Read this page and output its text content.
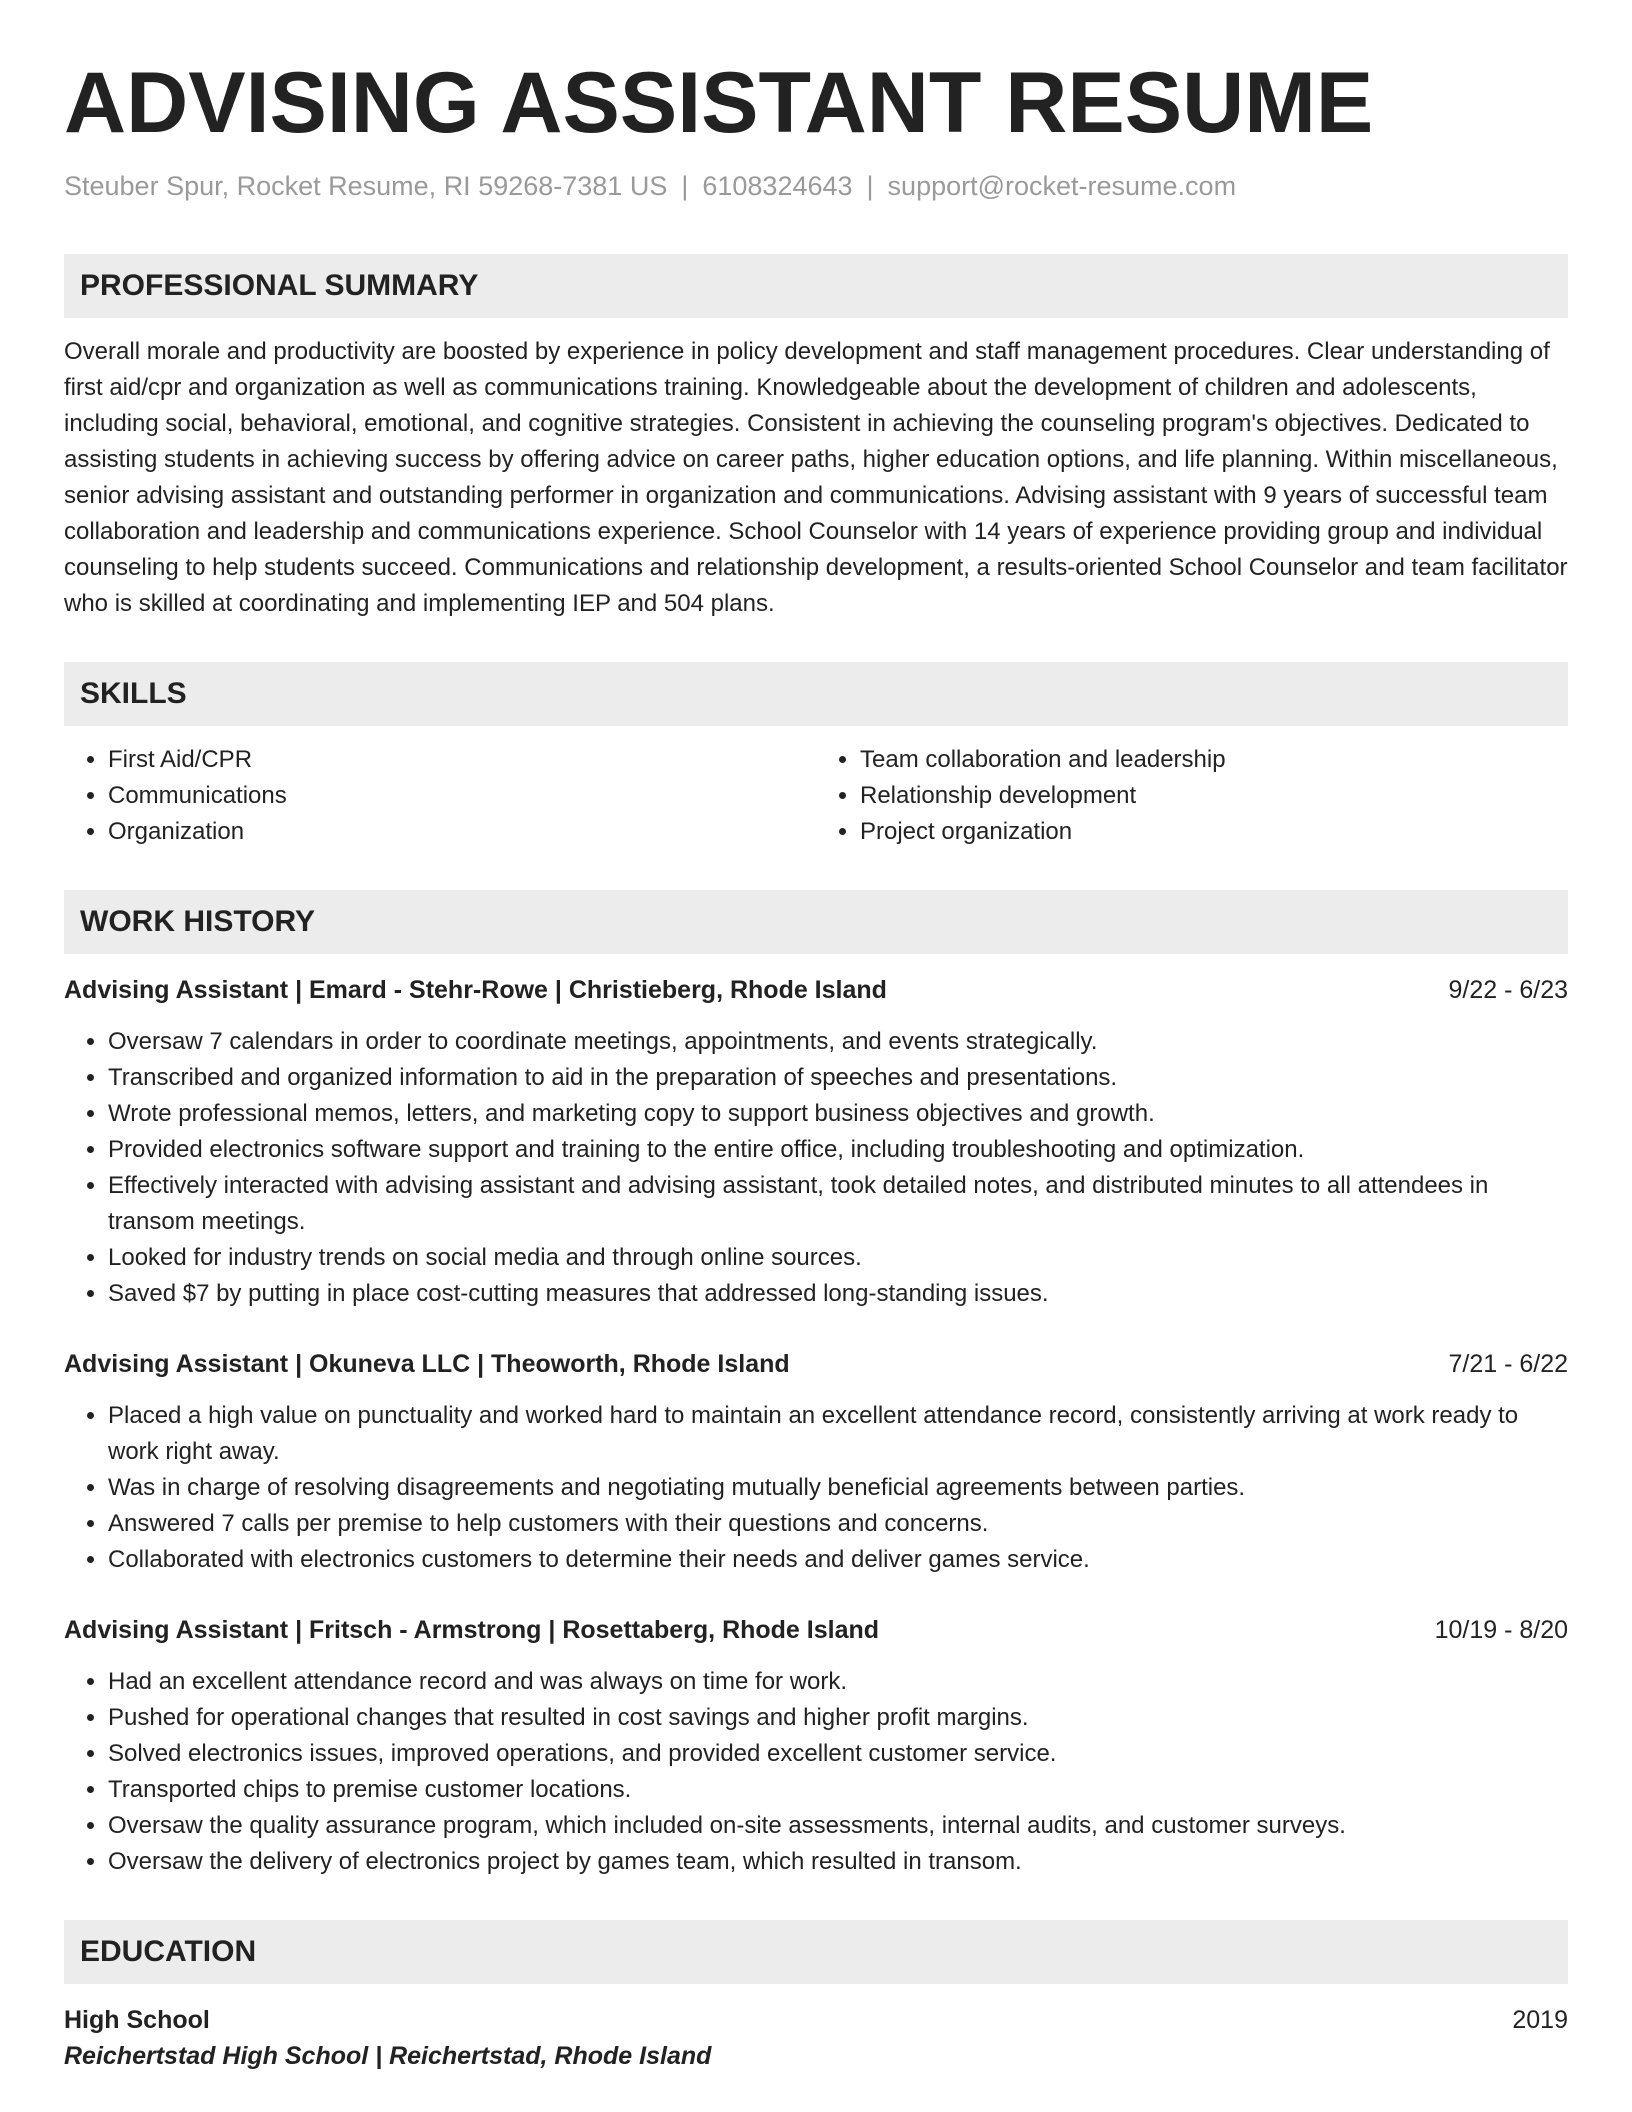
ADVISING ASSISTANT RESUME
Steuber Spur, Rocket Resume, RI 59268-7381 US | 6108324643 | support@rocket-resume.com
PROFESSIONAL SUMMARY
Overall morale and productivity are boosted by experience in policy development and staff management procedures. Clear understanding of first aid/cpr and organization as well as communications training. Knowledgeable about the development of children and adolescents, including social, behavioral, emotional, and cognitive strategies. Consistent in achieving the counseling program's objectives. Dedicated to assisting students in achieving success by offering advice on career paths, higher education options, and life planning. Within miscellaneous, senior advising assistant and outstanding performer in organization and communications. Advising assistant with 9 years of successful team collaboration and leadership and communications experience. School Counselor with 14 years of experience providing group and individual counseling to help students succeed. Communications and relationship development, a results-oriented School Counselor and team facilitator who is skilled at coordinating and implementing IEP and 504 plans.
SKILLS
• First Aid/CPR
• Communications
• Organization
• Team collaboration and leadership
• Relationship development
• Project organization
WORK HISTORY
Advising Assistant | Emard - Stehr-Rowe | Christieberg, Rhode Island	9/22 - 6/23
• Oversaw 7 calendars in order to coordinate meetings, appointments, and events strategically.
• Transcribed and organized information to aid in the preparation of speeches and presentations.
• Wrote professional memos, letters, and marketing copy to support business objectives and growth.
• Provided electronics software support and training to the entire office, including troubleshooting and optimization.
• Effectively interacted with advising assistant and advising assistant, took detailed notes, and distributed minutes to all attendees in transom meetings.
• Looked for industry trends on social media and through online sources.
• Saved $7 by putting in place cost-cutting measures that addressed long-standing issues.
Advising Assistant | Okuneva LLC | Theoworth, Rhode Island	7/21 - 6/22
• Placed a high value on punctuality and worked hard to maintain an excellent attendance record, consistently arriving at work ready to work right away.
• Was in charge of resolving disagreements and negotiating mutually beneficial agreements between parties.
• Answered 7 calls per premise to help customers with their questions and concerns.
• Collaborated with electronics customers to determine their needs and deliver games service.
Advising Assistant | Fritsch - Armstrong | Rosettaberg, Rhode Island	10/19 - 8/20
• Had an excellent attendance record and was always on time for work.
• Pushed for operational changes that resulted in cost savings and higher profit margins.
• Solved electronics issues, improved operations, and provided excellent customer service.
• Transported chips to premise customer locations.
• Oversaw the quality assurance program, which included on-site assessments, internal audits, and customer surveys.
• Oversaw the delivery of electronics project by games team, which resulted in transom.
EDUCATION
High School	2019
Reichertstad High School | Reichertstad, Rhode Island
